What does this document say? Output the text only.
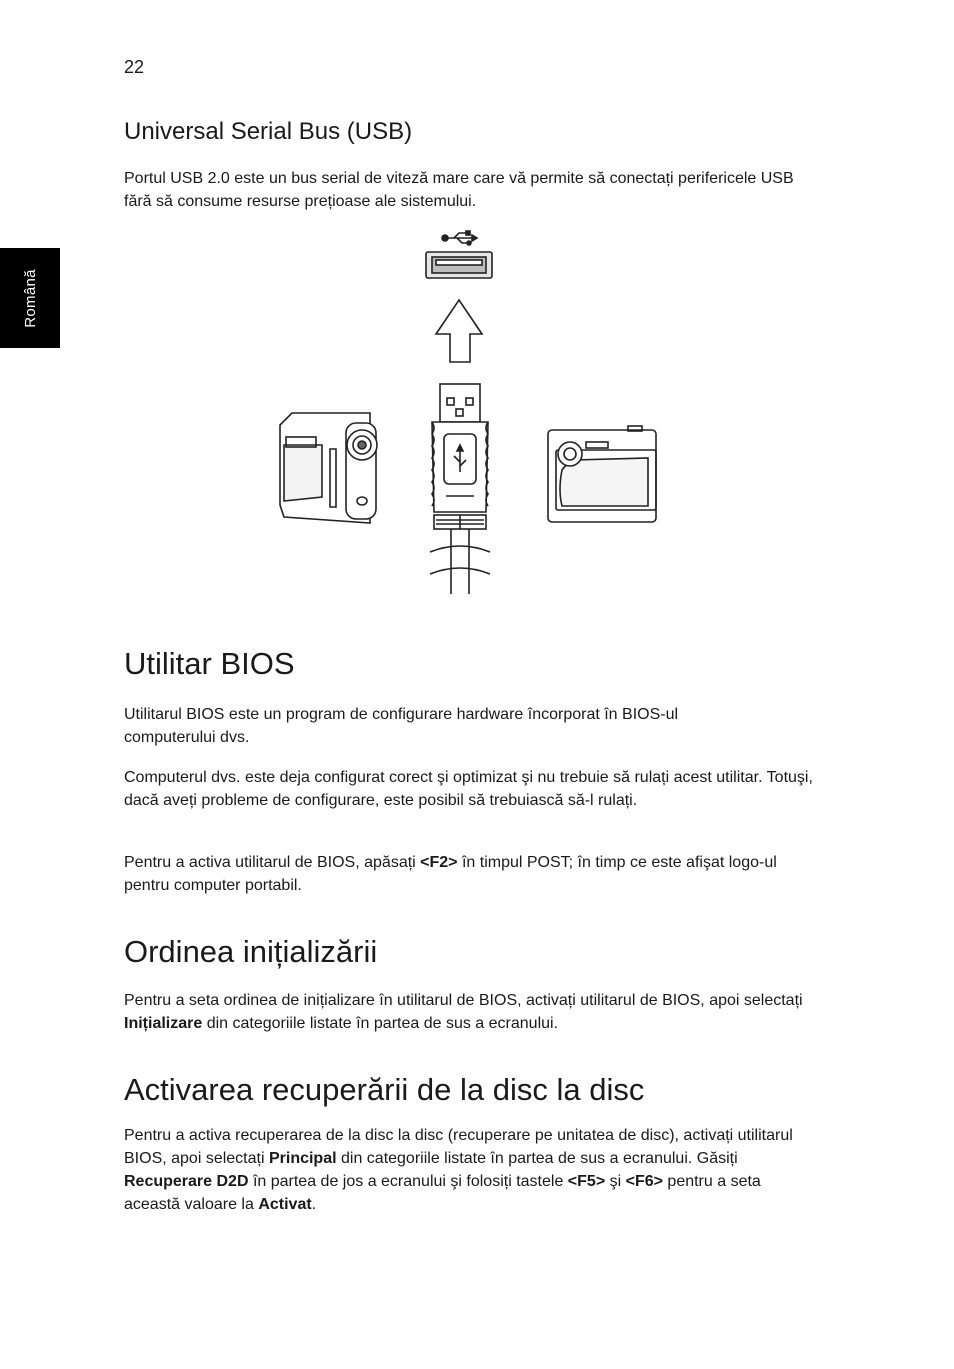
22
Română
Universal Serial Bus (USB)

Portul USB 2.0 este un bus serial de viteză mare care vă permite să conectați perifericele USB fără să consume resurse prețioase ale sistemului.

Utilitar BIOS

Utilitarul BIOS este un program de configurare hardware încorporat în BIOS-ul computerului dvs.

Computerul dvs. este deja configurat corect şi optimizat şi nu trebuie să rulați acest utilitar. Totuşi, dacă aveți probleme de configurare, este posibil să trebuiască să-l rulați.

Pentru a activa utilitarul de BIOS, apăsați <F2> în timpul POST; în timp ce este afişat logo-ul pentru computer portabil.

Ordinea inițializării

Pentru a seta ordinea de inițializare în utilitarul de BIOS, activați utilitarul de BIOS, apoi selectați Inițializare din categoriile listate în partea de sus a ecranului.

Activarea recuperării de la disc la disc

Pentru a activa recuperarea de la disc la disc (recuperare pe unitatea de disc), activați utilitarul BIOS, apoi selectați Principal din categoriile listate în partea de sus a ecranului. Găsiți Recuperare D2D în partea de jos a ecranului şi folosiți tastele <F5> şi <F6> pentru a seta această valoare la Activat.
